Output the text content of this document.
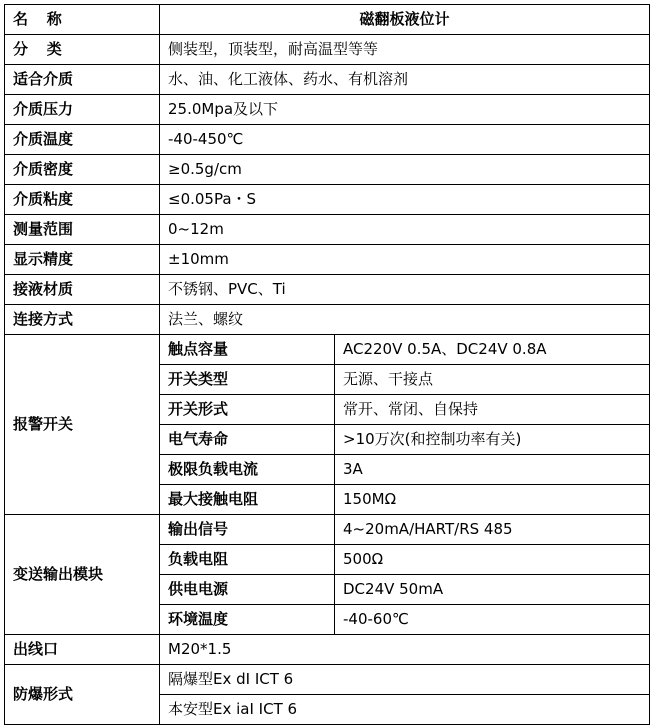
名 称	磁翻板液位计	
分 类	侧装型，顶装型，耐高温型等等	
适合介质	水、油、化工液体、药水、有机溶剂	
介质压力	25.0Mpa及以下	
介质温度	-40-450℃	
介质密度	≥0.5g/cm	
介质粘度	≤0.05Pa・S	
测量范围	0~12m	
显示精度	±10mm	
接液材质	不锈钢、PVC、Ti	
连接方式	法兰、螺纹	
报警开关	触点容量	AC220V 0.5A、DC24V 0.8A
	开关类型	无源、干接点
	开关形式	常开、常闭、自保持
	电气寿命	>10万次(和控制功率有关)
	极限负载电流	3A
	最大接触电阻	150MΩ
变送输出模块	输出信号	4~20mA/HART/RS 485
	负载电阻	500Ω
	供电电源	DC24V 50mA
	环境温度	-40-60℃
出线口	M20*1.5	
防爆形式	隔爆型Ex dI ICT 6	
	本安型Ex iaI ICT 6	
